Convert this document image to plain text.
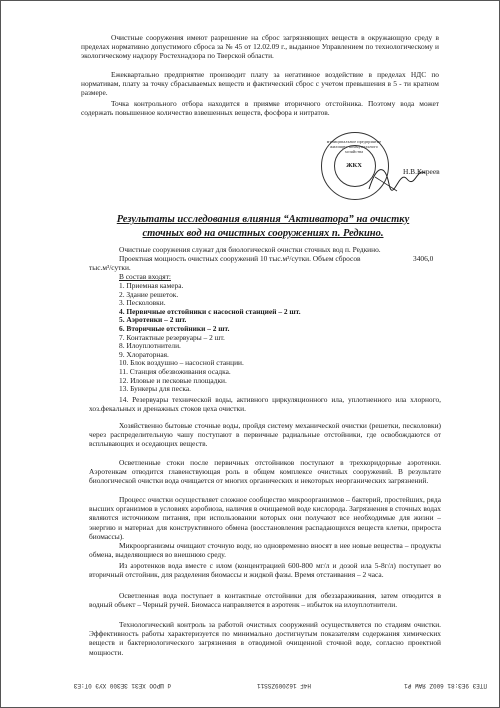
Очистные сооружения имеют разрешение на сброс загрязняющих веществ в окружающую среду в пределах нормативно допустимого сброса за № 45 от 12.02.09 г., выданное Управлением по технологическому и экологическому надзору Ростехнадзора по Тверской области.
Ежеквартально предприятие производит плату за негативное воздействие в пределах НДС по нормативам, плату за точку сбрасываемых веществ и фактический сброс с учетом превышения в 5 - ти кратном размере.
Точка контрольного отбора находится в приямке вторичного отстойника. Поэтому вода может содержать повышенное количество взвешенных веществ, фосфора и нитратов.
муниципальное предприятие жилищно-коммунального хозяйства
ЖКХ
Н.В.Киреев
Результаты исследования влияния “Активатора” на очистку
сточных вод на очистных сооружениях п. Редкино.
Очистные сооружения служат для биологической очистки сточных вод п. Редкино.
Проектная мощность очистных сооружений 10 тыс.м³/сутки. Объем сбросов	3406,0
тыс.м³/сутки.
В состав входят:
1. Приемная камера.
2. Здание решеток.
3. Песколовки.
4. Первичные отстойники с насосной станцией – 2 шт.
5. Аэротенки – 2 шт.
6. Вторичные отстойники – 2 шт.
7. Контактные резервуары – 2 шт.
8. Илоуплотнители.
9. Хлораторная.
10. Блок воздушно – насосной станции.
11. Станция обезвоживания осадка.
12. Иловые и песковые площадки.
13. Бункеры для песка.
14. Резервуары технической воды, активного циркуляционного ила, уплотненного ила хлорного, хоз.фекальных и дренажных стоков цеха очистки.
Хозяйственно бытовые сточные воды, пройдя систему механической очистки (решетки, песколовки) через распределительную чашу поступают в первичные радиальные отстойники, где освобождаются от всплывающих и оседающих веществ.
Осветленные стоки после первичных отстойников поступают в трехкоридорные аэротенки. Аэротенкам отводится главенствующая роль в общем комплексе очистных сооружений. В результате биологической очистки вода очищается от многих органических и некоторых неорганических загрязнений.
Процесс очистки осуществляет сложное сообщество микроорганизмов – бактерий, простейших, ряда высших организмов в условиях аэробиоза, наличия в очищаемой воде кислорода. Загрязнения в сточных водах являются источником питания, при использовании которых они получают все необходимые для жизни – энергию и материал для конструктивного обмена (восстановления распадающихся веществ клетки, прироста биомассы).
Микроорганизмы очищают сточную воду, но одновременно вносят в нее новые вещества – продукты обмена, выделяющиеся во внешнюю среду.
Из аэротенков вода вместе с илом (концентрацией 600-800 мг/л и дозой ила 5-8г/л) поступает во вторичный отстойник, для разделения биомассы и жидкой фазы. Время отстаивания – 2 часа.
Осветленная вода поступает в контактные отстойники для обеззараживания, затем отводится в водный объект – Черный ручей. Биомасса направляется в аэротенк – избыток на илоуплотнители.
Технологический контроль за работой очистных сооружений осуществляется по стадиям очистки. Эффективность работы характеризуется по минимально достигнутым показателям содержания химических веществ и бактериологического загрязнения в отводимой очищенной сточной воде, согласно проектной мощности.
ПТЕЭ 9EЗ:81 600Z ЯАW ₽1
Н4F 162009ZSS11
d ШРОО ХЕЗ1 ЗЕЗ00 ХУЭ 0Т:ЕЗ
